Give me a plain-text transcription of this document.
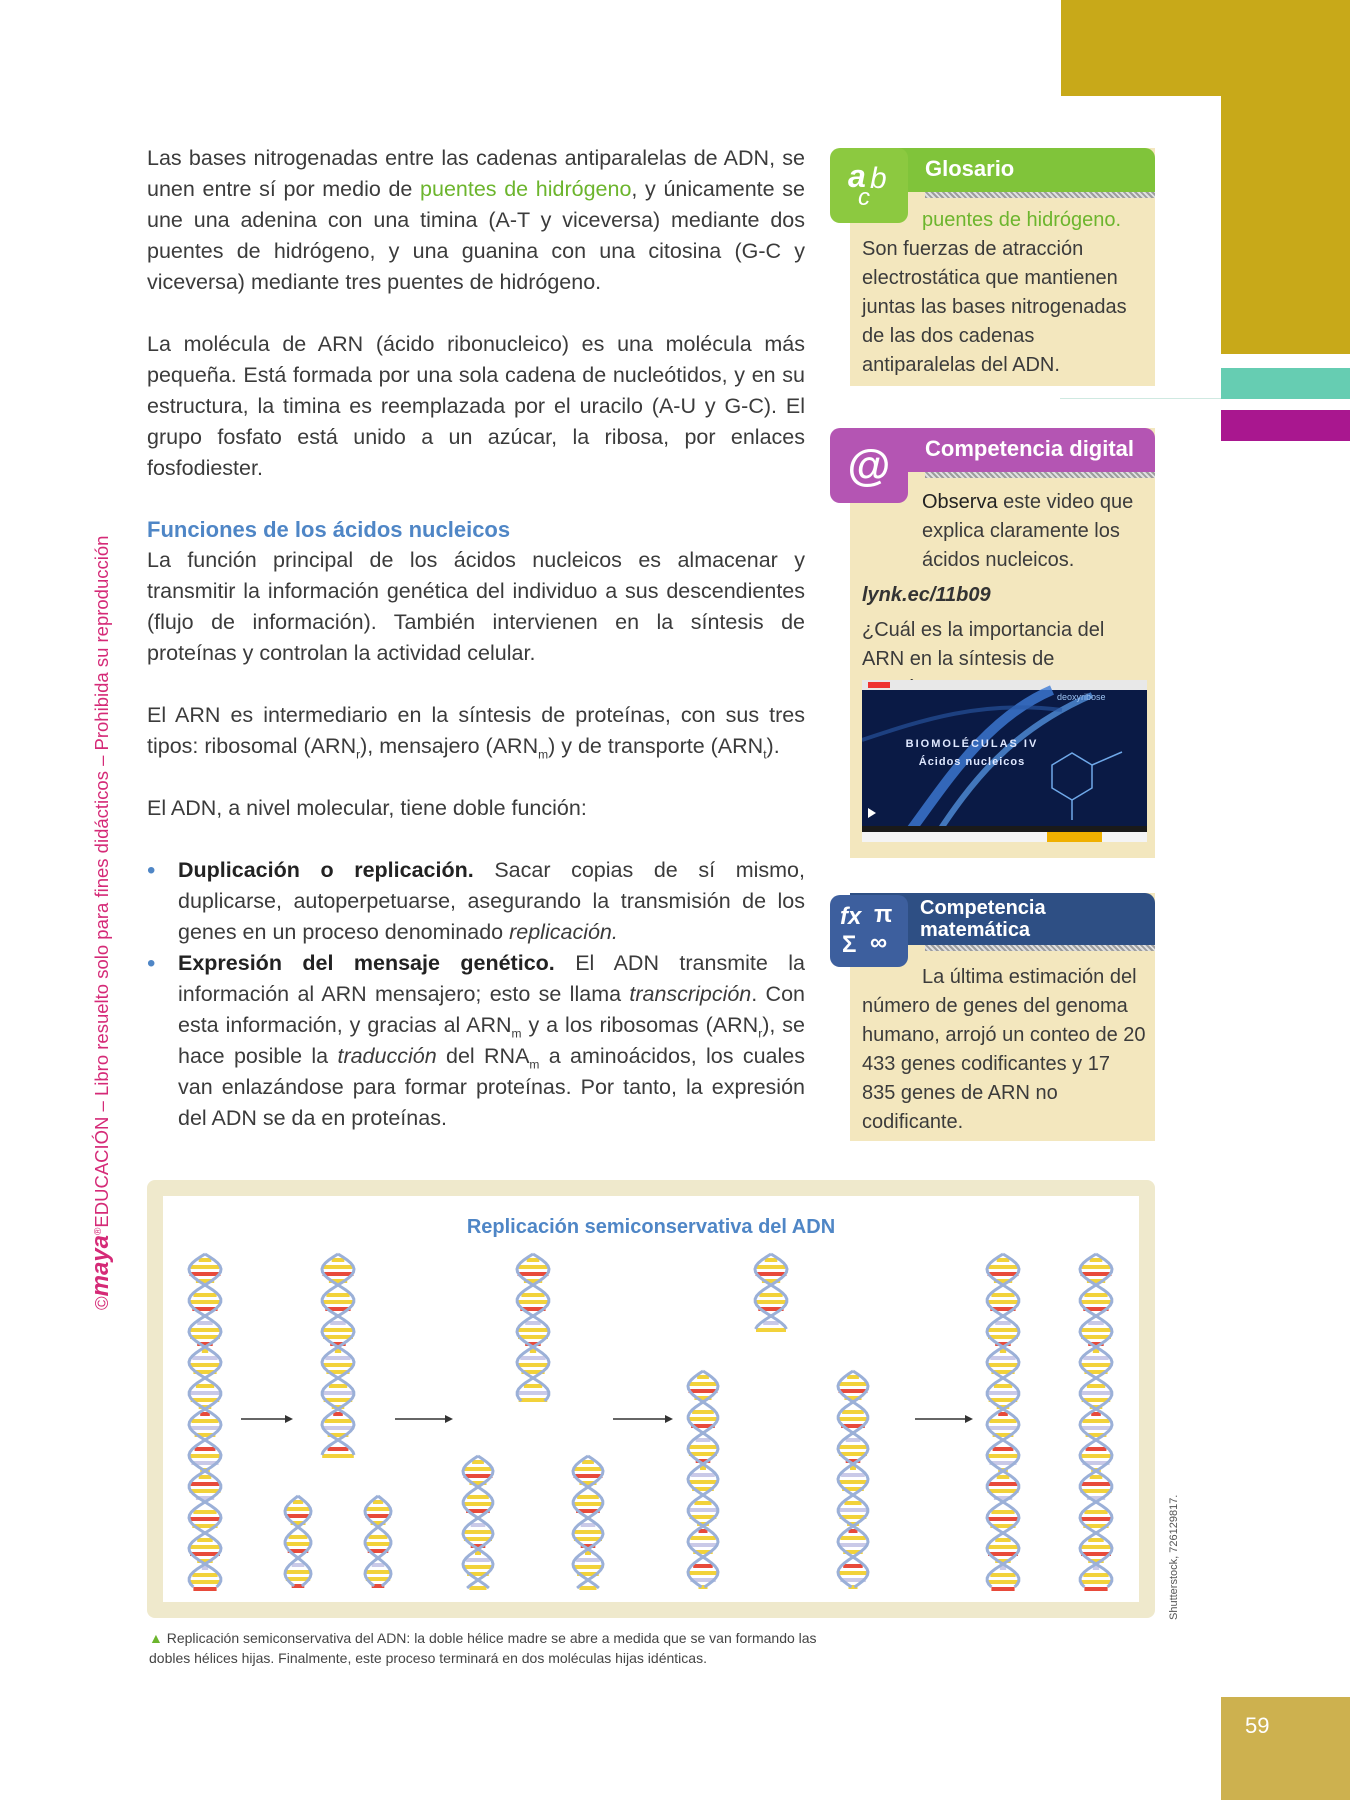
59
©maya®EDUCACIÓN – Libro resuelto solo para fines didácticos – Prohibida su reproducción

Las bases nitrogenadas entre las cadenas antiparalelas de ADN, se unen entre sí por medio de puentes de hidrógeno, y únicamente se une una adenina con una timina (A-T y viceversa) mediante dos puentes de hidrógeno, y una guanina con una citosina (G-C y viceversa) mediante tres puentes de hidrógeno.

La molécula de ARN (ácido ribonucleico) es una molécula más pequeña. Está formada por una sola cadena de nucleótidos, y en su estructura, la timina es reemplazada por el uracilo (A-U y G-C). El grupo fosfato está unido a un azúcar, la ribosa, por enlaces fosfodiester.

Funciones de los ácidos nucleicos

La función principal de los ácidos nucleicos es almacenar y transmitir la información genética del individuo a sus descendientes (flujo de información). También intervienen en la síntesis de proteínas y controlan la actividad celular.

El ARN es intermediario en la síntesis de proteínas, con sus tres tipos: ribosomal $(ARN_r)$, mensajero $(ARN_m)$ y de transporte $(ARN_t)$.

El ADN, a nivel molecular, tiene doble función:

• Duplicación o replicación. Sacar copias de sí mismo, duplicarse, autoperpetuarse, asegurando la transmisión de los genes en un proceso denominado replicación.
• Expresión del mensaje genético. El ADN transmite la información al ARN mensajero; esto se llama transcripción. Con esta información, y gracias al $ARN_m$ y a los ribosomas $(ARN_r)$, se hace posible la traducción del $RNA_m$ a aminoácidos, los cuales van enlazándose para formar proteínas. Por tanto, la expresión del ADN se da en proteínas.
Glosario
a b
c
puentes de hidrógeno.
Son fuerzas de atracción electrostática que mantienen juntas las bases nitrogenadas de las dos cadenas antiparalelas del ADN.
Competencia digital
@
Observa este video que explica claramente los ácidos nucleicos.
lynk.ec/11b09
¿Cuál es la importancia del ARN en la síntesis de
BIOMOLÉCULAS IV
Ácidos nucleicos
deoxyribose
Competencia
matemática
fx π
Σ ∞
La última estimación del número de genes del genoma humano, arrojó un conteo de 20 433 genes codificantes y 17 835 genes de ARN no codificante.
Replicación semiconservativa del ADN
Shutterstock, 726129817.
▲ Replicación semiconservativa del ADN: la doble hélice madre se abre a medida que se van formando las dobles hélices hijas. Finalmente, este proceso terminará en dos moléculas hijas idénticas.
